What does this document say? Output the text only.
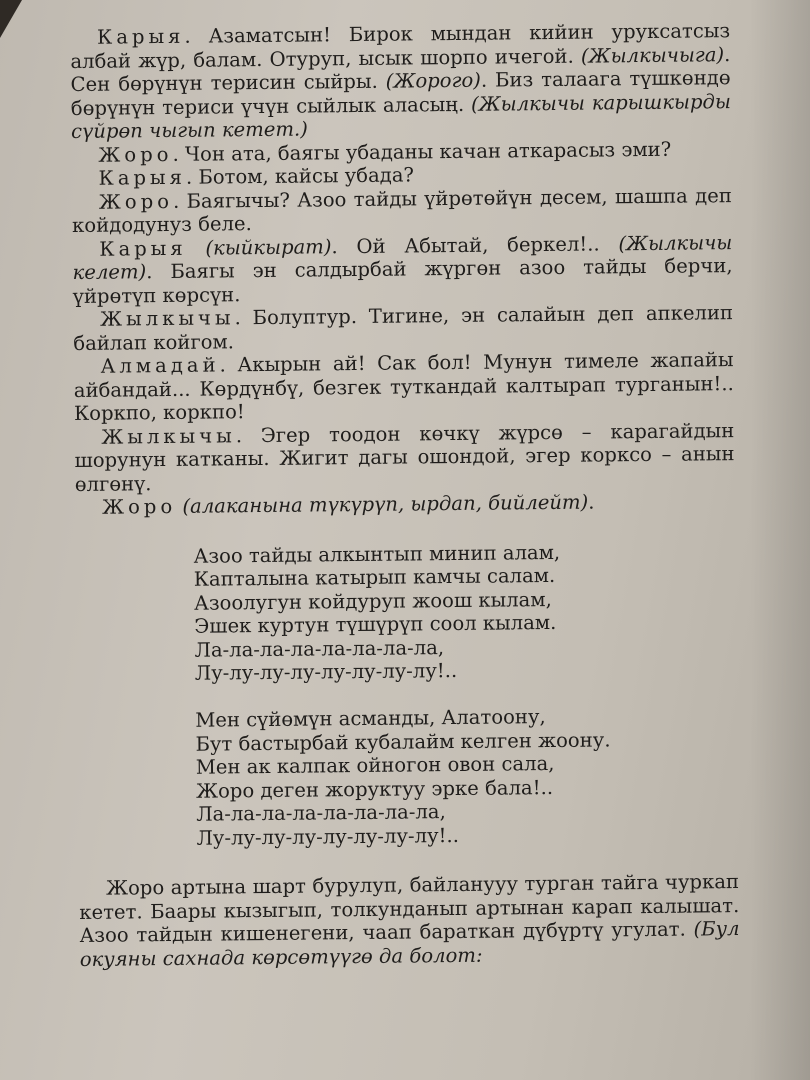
Карыя. Азаматсын! Бирок мындан кийин уруксатсыз албай жүр, балам. Отуруп, ысык шорпо ичегой. (Жылкычыга). Сен бөрүнүн терисин сыйры. (Жорого). Биз талаага түшкөндө бөрүнүн териси үчүн сыйлык аласың. (Жылкычы карышкырды сүйрөп чыгып кетет.)

Жоро. Чон ата, баягы убаданы качан аткарасыз эми?

Карыя. Ботом, кайсы убада?

Жоро. Баягычы? Азоо тайды үйрөтөйүн десем, шашпа деп койдодунуз беле.

Карыя (кыйкырат). Ой Абытай, беркел!.. (Жылкычы келет). Баягы эн салдырбай жүргөн азоо тайды берчи, үйрөтүп көрсүн.

Жылкычы. Болуптур. Тигине, эн салайын деп апкелип байлап койгом.

Алмадай. Акырын ай! Сак бол! Мунун тимеле жапайы айбандай... Көрдүнбү, безгек туткандай калтырап турганын!.. Коркпо, коркпо!

Жылкычы. Эгер тоодон көчкү жүрсө – карагайдын шорунун катканы. Жигит дагы ошондой, эгер корксо – анын өлгөнү.

Жоро (алаканына түкүрүп, ырдап, бийлейт).

Азоо тайды алкынтып минип алам,
Капталына катырып камчы салам.
Азоолугун койдуруп жоош кылам,
Эшек куртун түшүрүп соол кылам.
Ла-ла-ла-ла-ла-ла-ла-ла,
Лу-лу-лу-лу-лу-лу-лу-лу!..
Мен сүйөмүн асманды, Алатоону,
Бут бастырбай кубалайм келген жоону.
Мен ак калпак ойногон овон сала,
Жоро деген жоруктуу эрке бала!..
Ла-ла-ла-ла-ла-ла-ла-ла,
Лу-лу-лу-лу-лу-лу-лу-лу!..
Жоро артына шарт бурулуп, байланууу турган тайга чуркап кетет. Баары кызыгып, толкунданып артынан карап калышат. Азоо тайдын кишенегени, чаап бараткан дүбүртү угулат. (Бул окуяны сахнада көрсөтүүгө да болот:
